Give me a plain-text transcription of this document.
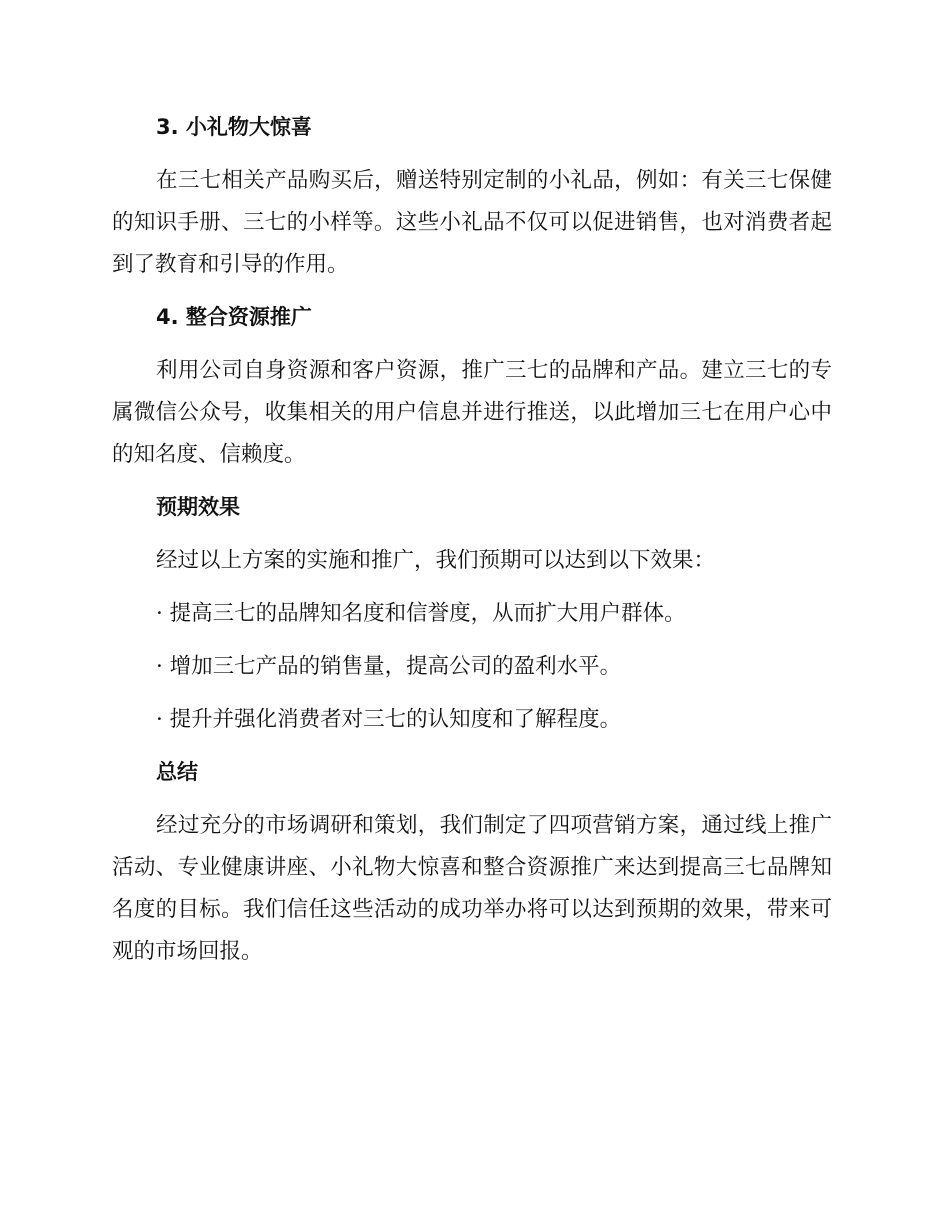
3. 小礼物大惊喜

在三七相关产品购买后，赠送特别定制的小礼品，例如：有关三七保健的知识手册、三七的小样等。这些小礼品不仅可以促进销售，也对消费者起到了教育和引导的作用。

4. 整合资源推广

利用公司自身资源和客户资源，推广三七的品牌和产品。建立三七的专属微信公众号，收集相关的用户信息并进行推送，以此增加三七在用户心中的知名度、信赖度。

预期效果

经过以上方案的实施和推广，我们预期可以达到以下效果：

· 提高三七的品牌知名度和信誉度，从而扩大用户群体。

· 增加三七产品的销售量，提高公司的盈利水平。

· 提升并强化消费者对三七的认知度和了解程度。

总结

经过充分的市场调研和策划，我们制定了四项营销方案，通过线上推广活动、专业健康讲座、小礼物大惊喜和整合资源推广来达到提高三七品牌知名度的目标。我们信任这些活动的成功举办将可以达到预期的效果，带来可观的市场回报。
